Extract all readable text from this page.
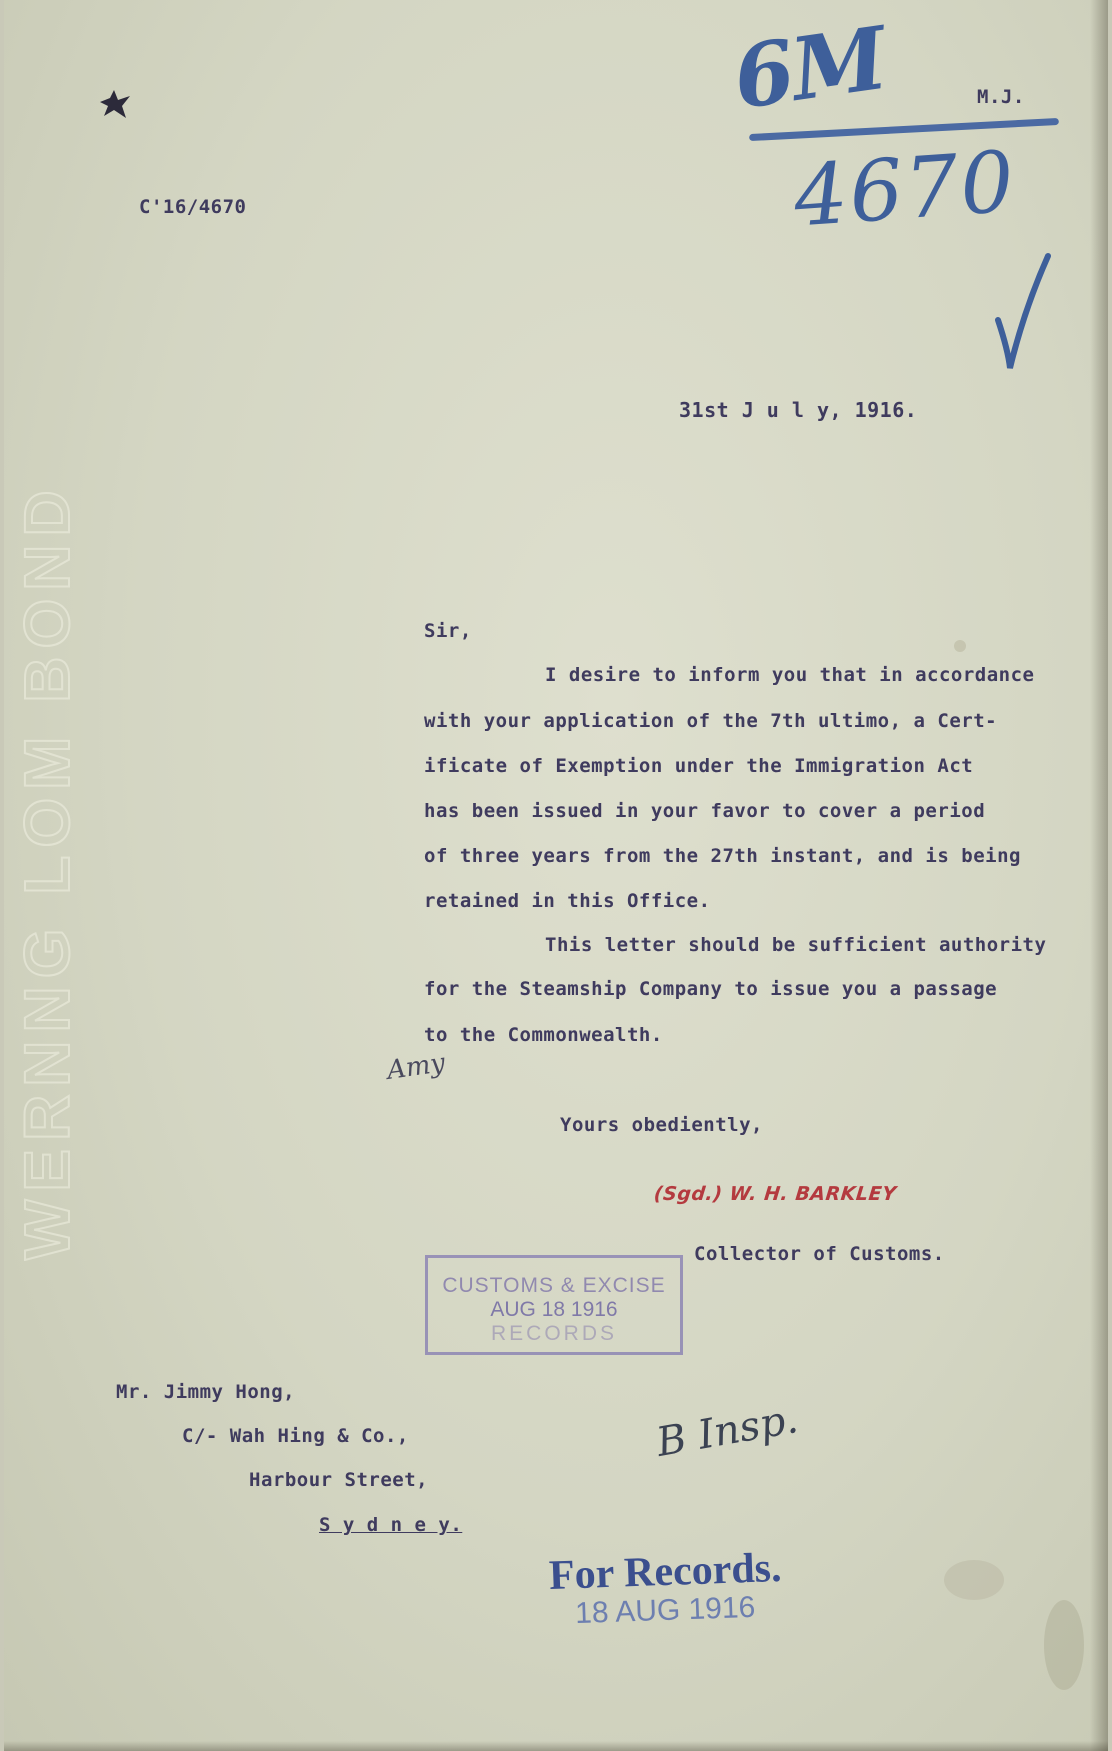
WERNNG LOM BOND
C'16/4670
M.J.
6M
4670
31st J u l y, 1916.
Sir,
I desire to inform you that in accordance
with your application of the 7th ultimo, a Cert-
ificate of Exemption under the Immigration Act
has been issued in your favor to cover a period
of three years from the 27th instant, and is being
retained in this Office.
This letter should be sufficient authority
for the Steamship Company to issue you a passage
to the Commonwealth.
Amy
Yours obediently,
(Sgd.) W. H. BARKLEY
Collector of Customs.
CUSTOMS & EXCISE
AUG 18 1916
RECORDS
Mr. Jimmy Hong,
C/- Wah Hing & Co.,
Harbour Street,
S y d n e y.
B Insp.
For Records.
18 AUG 1916
